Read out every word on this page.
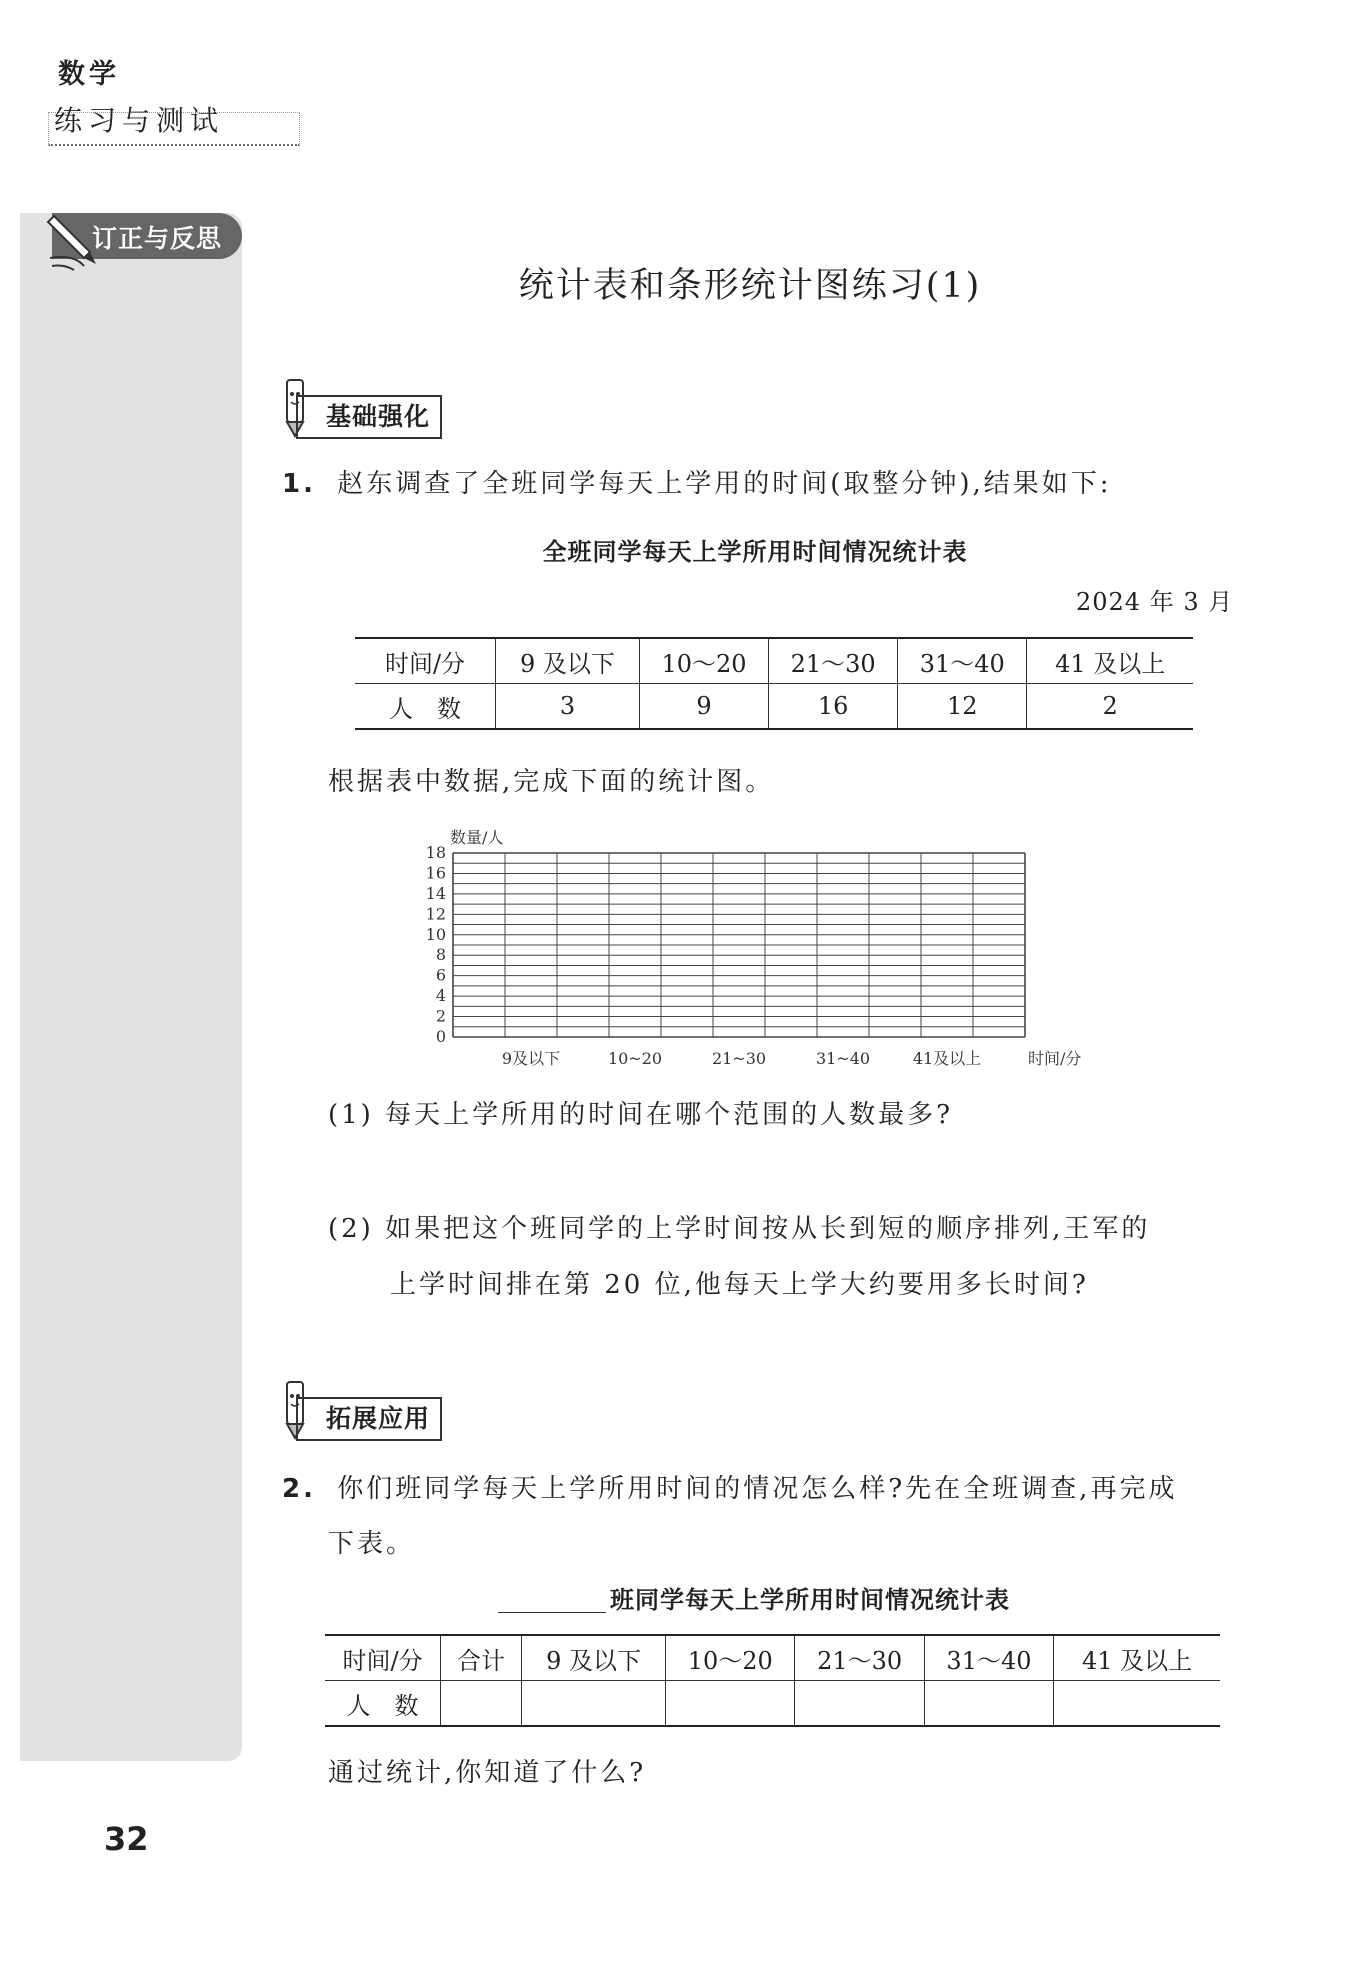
数学
练习与测试
订正与反思
统计表和条形统计图练习(1)
基础强化
1. 赵东调查了全班同学每天上学用的时间(取整分钟),结果如下:
全班同学每天上学所用时间情况统计表
2024 年 3 月
时间/分	9 及以下	10～20	21～30	31～40	41 及以上
人　数	3	9	16	12	2
根据表中数据,完成下面的统计图。
0
2
4
6
8
10
12
14
16
18
9及以下	10~20	21~30	31~40	41及以上
数量/人
时间/分
(1) 每天上学所用的时间在哪个范围的人数最多?
(2) 如果把这个班同学的上学时间按从长到短的顺序排列,王军的
上学时间排在第 20 位,他每天上学大约要用多长时间?
拓展应用
2. 你们班同学每天上学所用时间的情况怎么样?先在全班调查,再完成
下表。
班同学每天上学所用时间情况统计表
时间/分	合计	9 及以下	10～20	21～30	31～40	41 及以上
人　数						
通过统计,你知道了什么?
32
